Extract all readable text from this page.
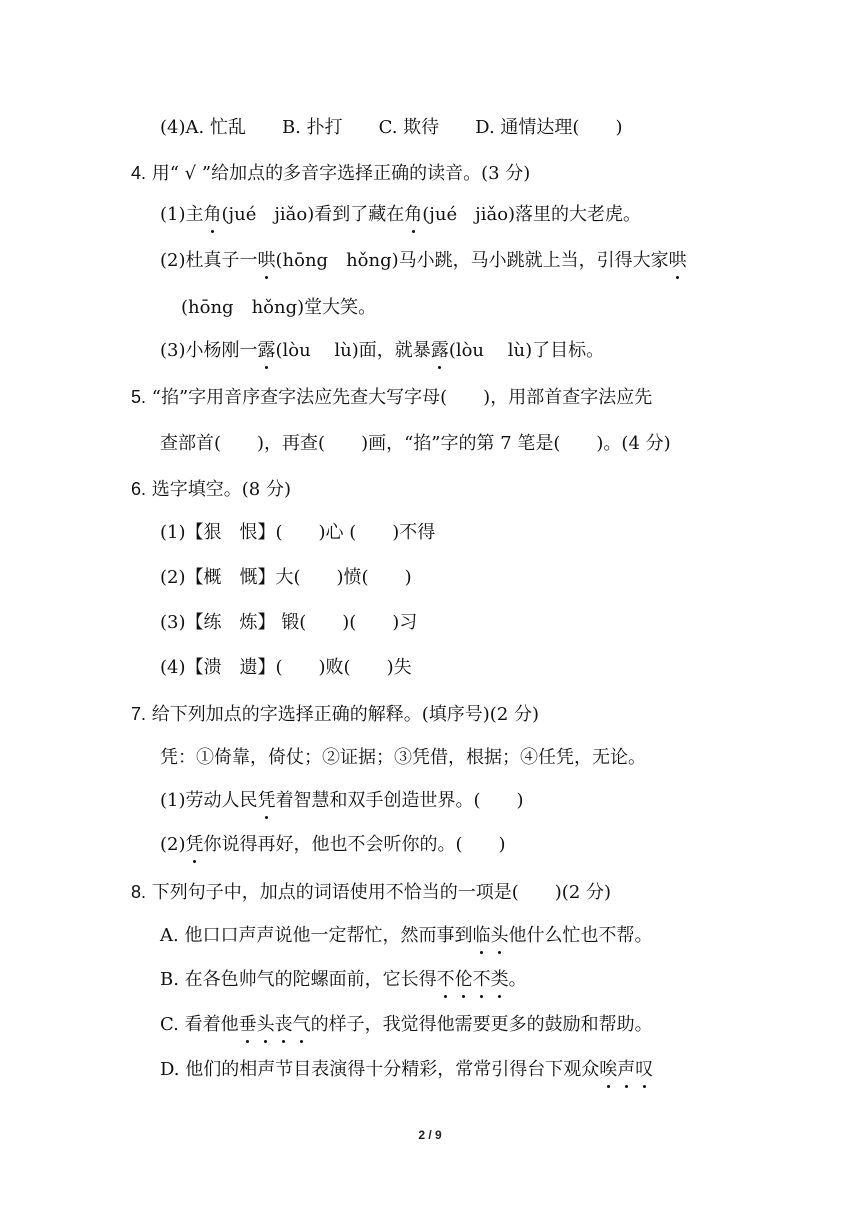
(4)A. 忙乱　　B. 扑打　　C. 欺待　　D. 通情达理(　　)
4. 用“ √ ”给加点的多音字选择正确的读音。(3 分)
(1)主角(jué　jiǎo)看到了藏在角(jué　jiǎo)落里的大老虎。
(2)杜真子一哄(hōng　hǒng)马小跳，马小跳就上当，引得大家哄
(hōng　hǒng)堂大笑。
(3)小杨刚一露(lòu　 lù)面，就暴露(lòu　 lù)了目标。
5. “掐”字用音序查字法应先查大写字母(　　)，用部首查字法应先
查部首(　　)，再查(　　)画，“掐”字的第 7 笔是(　　)。(4 分)
6. 选字填空。(8 分)
(1)【狠　恨】(　　)心 (　　)不得
(2)【概　慨】大(　　)愤(　　)
(3)【练　炼】 锻(　　)(　　)习
(4)【溃　遗】(　　)败(　　)失
7. 给下列加点的字选择正确的解释。(填序号)(2 分)
凭：①倚靠，倚仗；②证据；③凭借，根据；④任凭，无论。
(1)劳动人民凭着智慧和双手创造世界。(　　)
(2)凭你说得再好，他也不会听你的。(　　)
8. 下列句子中，加点的词语使用不恰当的一项是(　　)(2 分)
A. 他口口声声说他一定帮忙，然而事到临头他什么忙也不帮。
B. 在各色帅气的陀螺面前，它长得不伦不类。
C. 看着他垂头丧气的样子，我觉得他需要更多的鼓励和帮助。
D. 他们的相声节目表演得十分精彩，常常引得台下观众唉声叹
2 / 9
